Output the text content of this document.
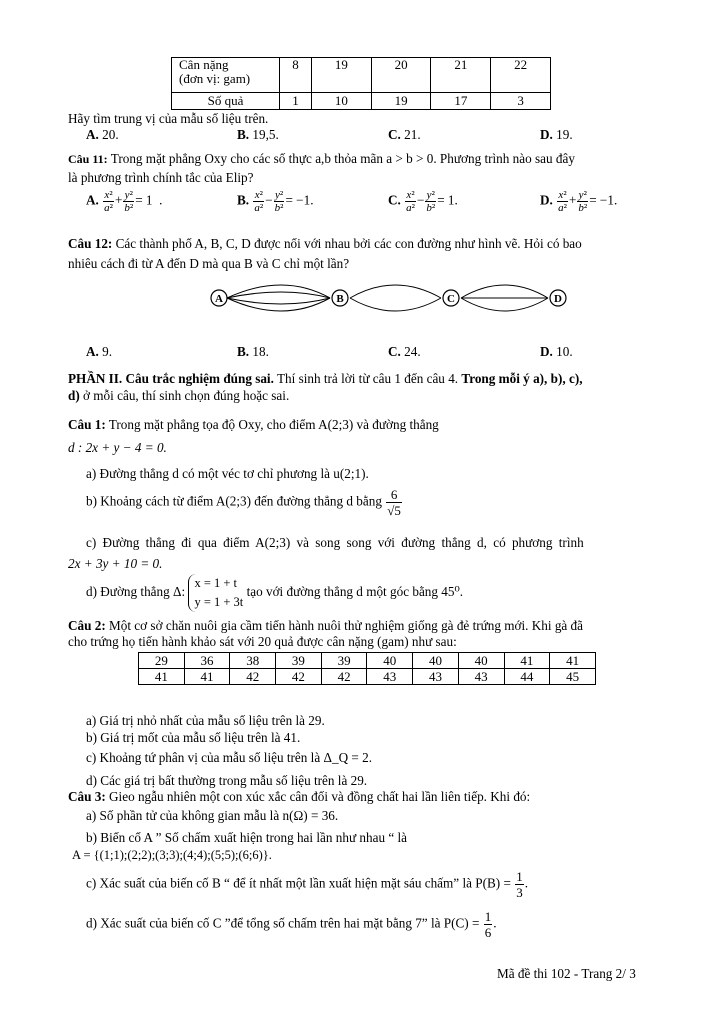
Cân nặng
(đơn vị: gam)	8	19	20	21	22
Số quả	1	10	19	17	3
Hãy tìm trung vị của mẫu số liệu trên.
A. 20.	B. 19,5.	C. 21.	D. 19.
Câu 11: Trong mặt phẳng Oxy cho các số thực a,b thỏa mãn a > b > 0. Phương trình nào sau đây
là phương trình chính tắc của Elip?
A. $\frac{\text{x²}}{\text{a²}} + \frac{\text{y²}}{\text{b²}} = 1$  .	B. $\frac{\text{x²}}{\text{a²}} - \frac{\text{y²}}{\text{b²}} = -1$.	C. $\frac{\text{x²}}{\text{a²}} - \frac{\text{y²}}{\text{b²}} = 1$.	D. $\frac{\text{x²}}{\text{a²}} + \frac{\text{y²}}{\text{b²}} = -1$.
Câu 12: Các thành phố A, B, C, D được nối với nhau bởi các con đường như hình vẽ. Hỏi có bao
nhiêu cách đi từ A đến D mà qua B và C chỉ một lần?
A	B	C	D
A. 9.	B. 18.	C. 24.	D. 10.
PHẦN II. Câu trắc nghiệm đúng sai. Thí sinh trả lời từ câu 1 đến câu 4. Trong mỗi ý a), b), c),
d) ở mỗi câu, thí sinh chọn đúng hoặc sai.
Câu 1: Trong mặt phẳng tọa độ Oxy, cho điểm A(2;3) và đường thẳng
d : 2x + y − 4 = 0.
a) Đường thẳng d có một véc tơ chỉ phương là u(2;1).
b) Khoảng cách từ điểm A(2;3) đến đường thẳng d bằng $\frac{6}{√5}$
c) Đường thẳng đi qua điểm A(2;3) và song song với đường thẳng d, có phương trình
2x + 3y + 10 = 0.
d) Đường thẳng Δ: x = 1 + t
y = 1 + 3t tạo với đường thẳng d một góc bằng 45⁰.
Câu 2: Một cơ sở chăn nuôi gia cầm tiến hành nuôi thử nghiệm giống gà đẻ trứng mới. Khi gà đã
cho trứng họ tiến hành khảo sát với 20 quả được cân nặng (gam) như sau:
29	36	38	39	39	40	40	40	41	41
41	41	42	42	42	43	43	43	44	45
a) Giá trị nhỏ nhất của mẫu số liệu trên là 29.
b) Giá trị mốt của mẫu số liệu trên là 41.
c) Khoảng tứ phân vị của mẫu số liệu trên là Δ_Q = 2.
d) Các giá trị bất thường trong mẫu số liệu trên là 29.
Câu 3: Gieo ngẫu nhiên một con xúc xắc cân đối và đồng chất hai lần liên tiếp. Khi đó:
a) Số phần tử của không gian mẫu là n(Ω) = 36.
b) Biến cố A ” Số chấm xuất hiện trong hai lần như nhau “ là
A = {(1;1);(2;2);(3;3);(4;4);(5;5);(6;6)}.
c) Xác suất của biến cố B “ để ít nhất một lần xuất hiện mặt sáu chấm” là $P(B) = \frac{1}{3}$ .
d) Xác suất của biến cố C ”để tổng số chấm trên hai mặt bằng 7” là $P(C) = \frac{1}{6}$ .
Mã đề thi 102 - Trang 2/ 3
